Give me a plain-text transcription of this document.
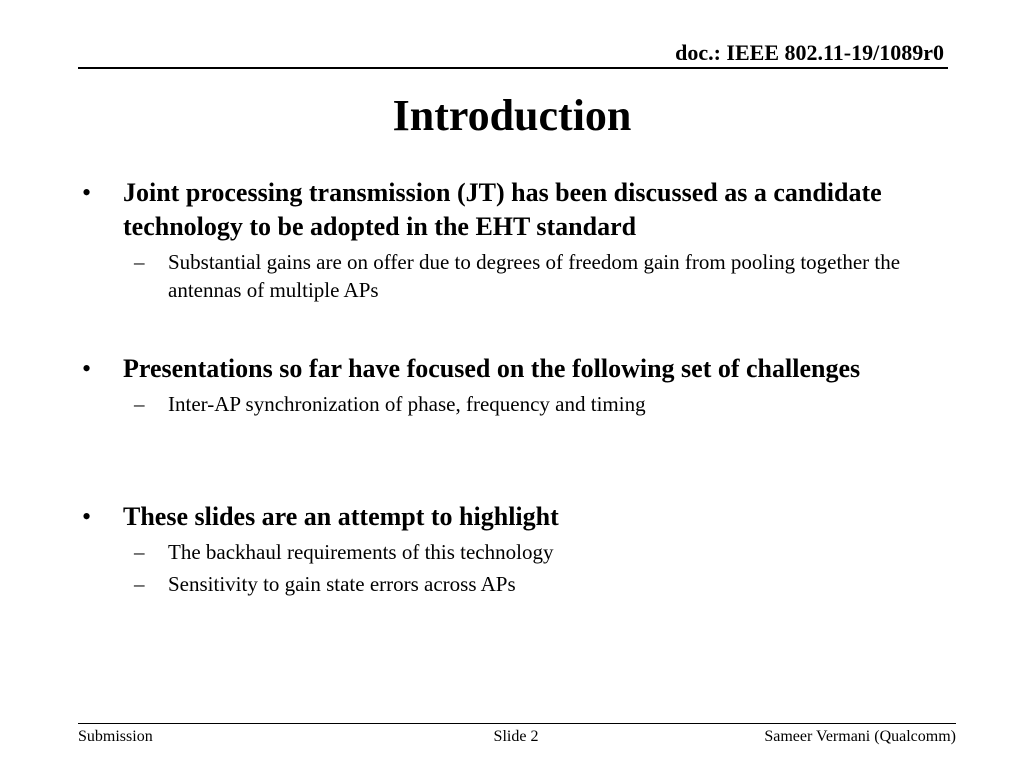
doc.: IEEE 802.11-19/1089r0
Introduction
•	Joint processing transmission (JT) has been discussed as a candidate technology to be adopted in the EHT standard
–	Substantial gains are on offer due to degrees of freedom gain from pooling together the antennas of multiple APs
•	Presentations so far have focused on the following set of challenges
–	Inter-AP synchronization of phase, frequency and timing
•	These slides are an attempt to highlight
–	The backhaul requirements of this technology
–	Sensitivity to gain state errors across APs
Submission	Slide 2	Sameer Vermani (Qualcomm)
